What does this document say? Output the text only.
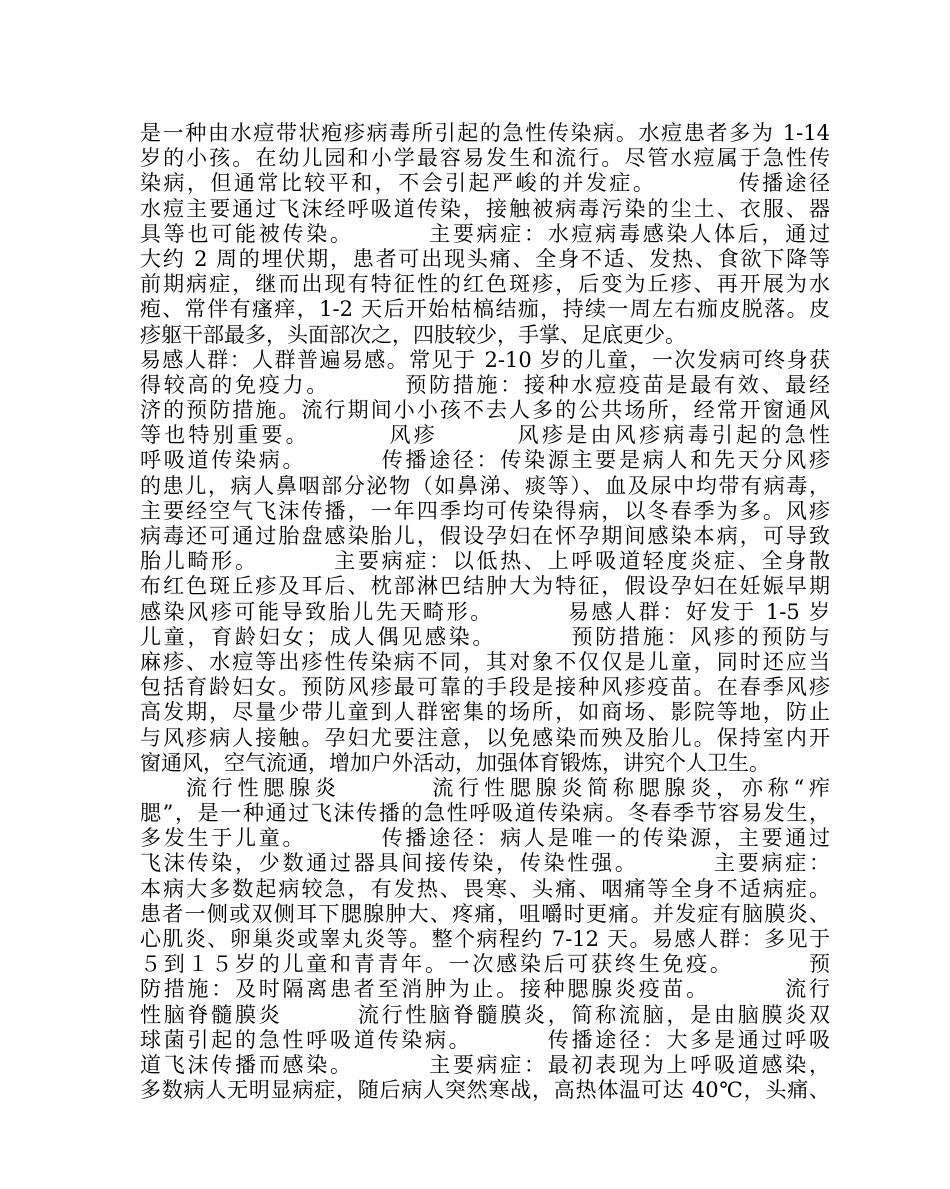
是一种由水痘带状疱疹病毒所引起的急性传染病。水痘患者多为 1-14
岁的小孩。在幼儿园和小学最容易发生和流行。尽管水痘属于急性传
染病，但通常比较平和，不会引起严峻的并发症。         传播途径
水痘主要通过飞沫经呼吸道传染，接触被病毒污染的尘土、衣服、器
具等也可能被传染。        主要病症：水痘病毒感染人体后，通过
大约 2 周的埋伏期，患者可出现头痛、全身不适、发热、食欲下降等
前期病症，继而出现有特征性的红色斑疹，后变为丘疹、再开展为水
疱、常伴有瘙痒，1-2 天后开始枯槁结痂，持续一周左右痂皮脱落。皮
疹躯干部最多，头面部次之，四肢较少，手掌、足底更少。
易感人群：人群普遍易感。常见于 2-10 岁的儿童，一次发病可终身获
得较高的免疫力。        预防措施：接种水痘疫苗是最有效、最经
济的预防措施。流行期间小小孩不去人多的公共场所，经常开窗通风
等也特别重要。        风疹        风疹是由风疹病毒引起的急性
呼吸道传染病。        传播途径：传染源主要是病人和先天分风疹
的患儿，病人鼻咽部分泌物（如鼻涕、痰等）、血及尿中均带有病毒，
主要经空气飞沫传播，一年四季均可传染得病，以冬春季为多。风疹
病毒还可通过胎盘感染胎儿，假设孕妇在怀孕期间感染本病，可导致
胎儿畸形。        主要病症：以低热、上呼吸道轻度炎症、全身散
布红色斑丘疹及耳后、枕部淋巴结肿大为特征，假设孕妇在妊娠早期
感染风疹可能导致胎儿先天畸形。        易感人群：好发于 1-5 岁
儿童，育龄妇女；成人偶见感染。        预防措施：风疹的预防与
麻疹、水痘等出疹性传染病不同，其对象不仅仅是儿童，同时还应当
包括育龄妇女。预防风疹最可靠的手段是接种风疹疫苗。在春季风疹
高发期，尽量少带儿童到人群密集的场所，如商场、影院等地，防止
与风疹病人接触。孕妇尤要注意，以免感染而殃及胎儿。保持室内开
窗通风，空气流通，增加户外活动，加强体育锻炼，讲究个人卫生。
流行性腮腺炎        流行性腮腺炎简称腮腺炎，亦称“痄
腮”，是一种通过飞沫传播的急性呼吸道传染病。冬春季节容易发生，
多发生于儿童。        传播途径：病人是唯一的传染源，主要通过
飞沫传染，少数通过器具间接传染，传染性强。        主要病症：
本病大多数起病较急，有发热、畏寒、头痛、咽痛等全身不适病症。
患者一侧或双侧耳下腮腺肿大、疼痛，咀嚼时更痛。并发症有脑膜炎、
心肌炎、卵巢炎或睾丸炎等。整个病程约 7-12 天。易感人群：多见于
５到１５岁的儿童和青青年。一次感染后可获终生免疫。        预
防措施：及时隔离患者至消肿为止。接种腮腺炎疫苗。        流行
性脑脊髓膜炎        流行性脑脊髓膜炎，简称流脑，是由脑膜炎双
球菌引起的急性呼吸道传染病。        传播途径：大多是通过呼吸
道飞沫传播而感染。        主要病症：最初表现为上呼吸道感染，
多数病人无明显病症，随后病人突然寒战，高热体温可达 40℃，头痛、
